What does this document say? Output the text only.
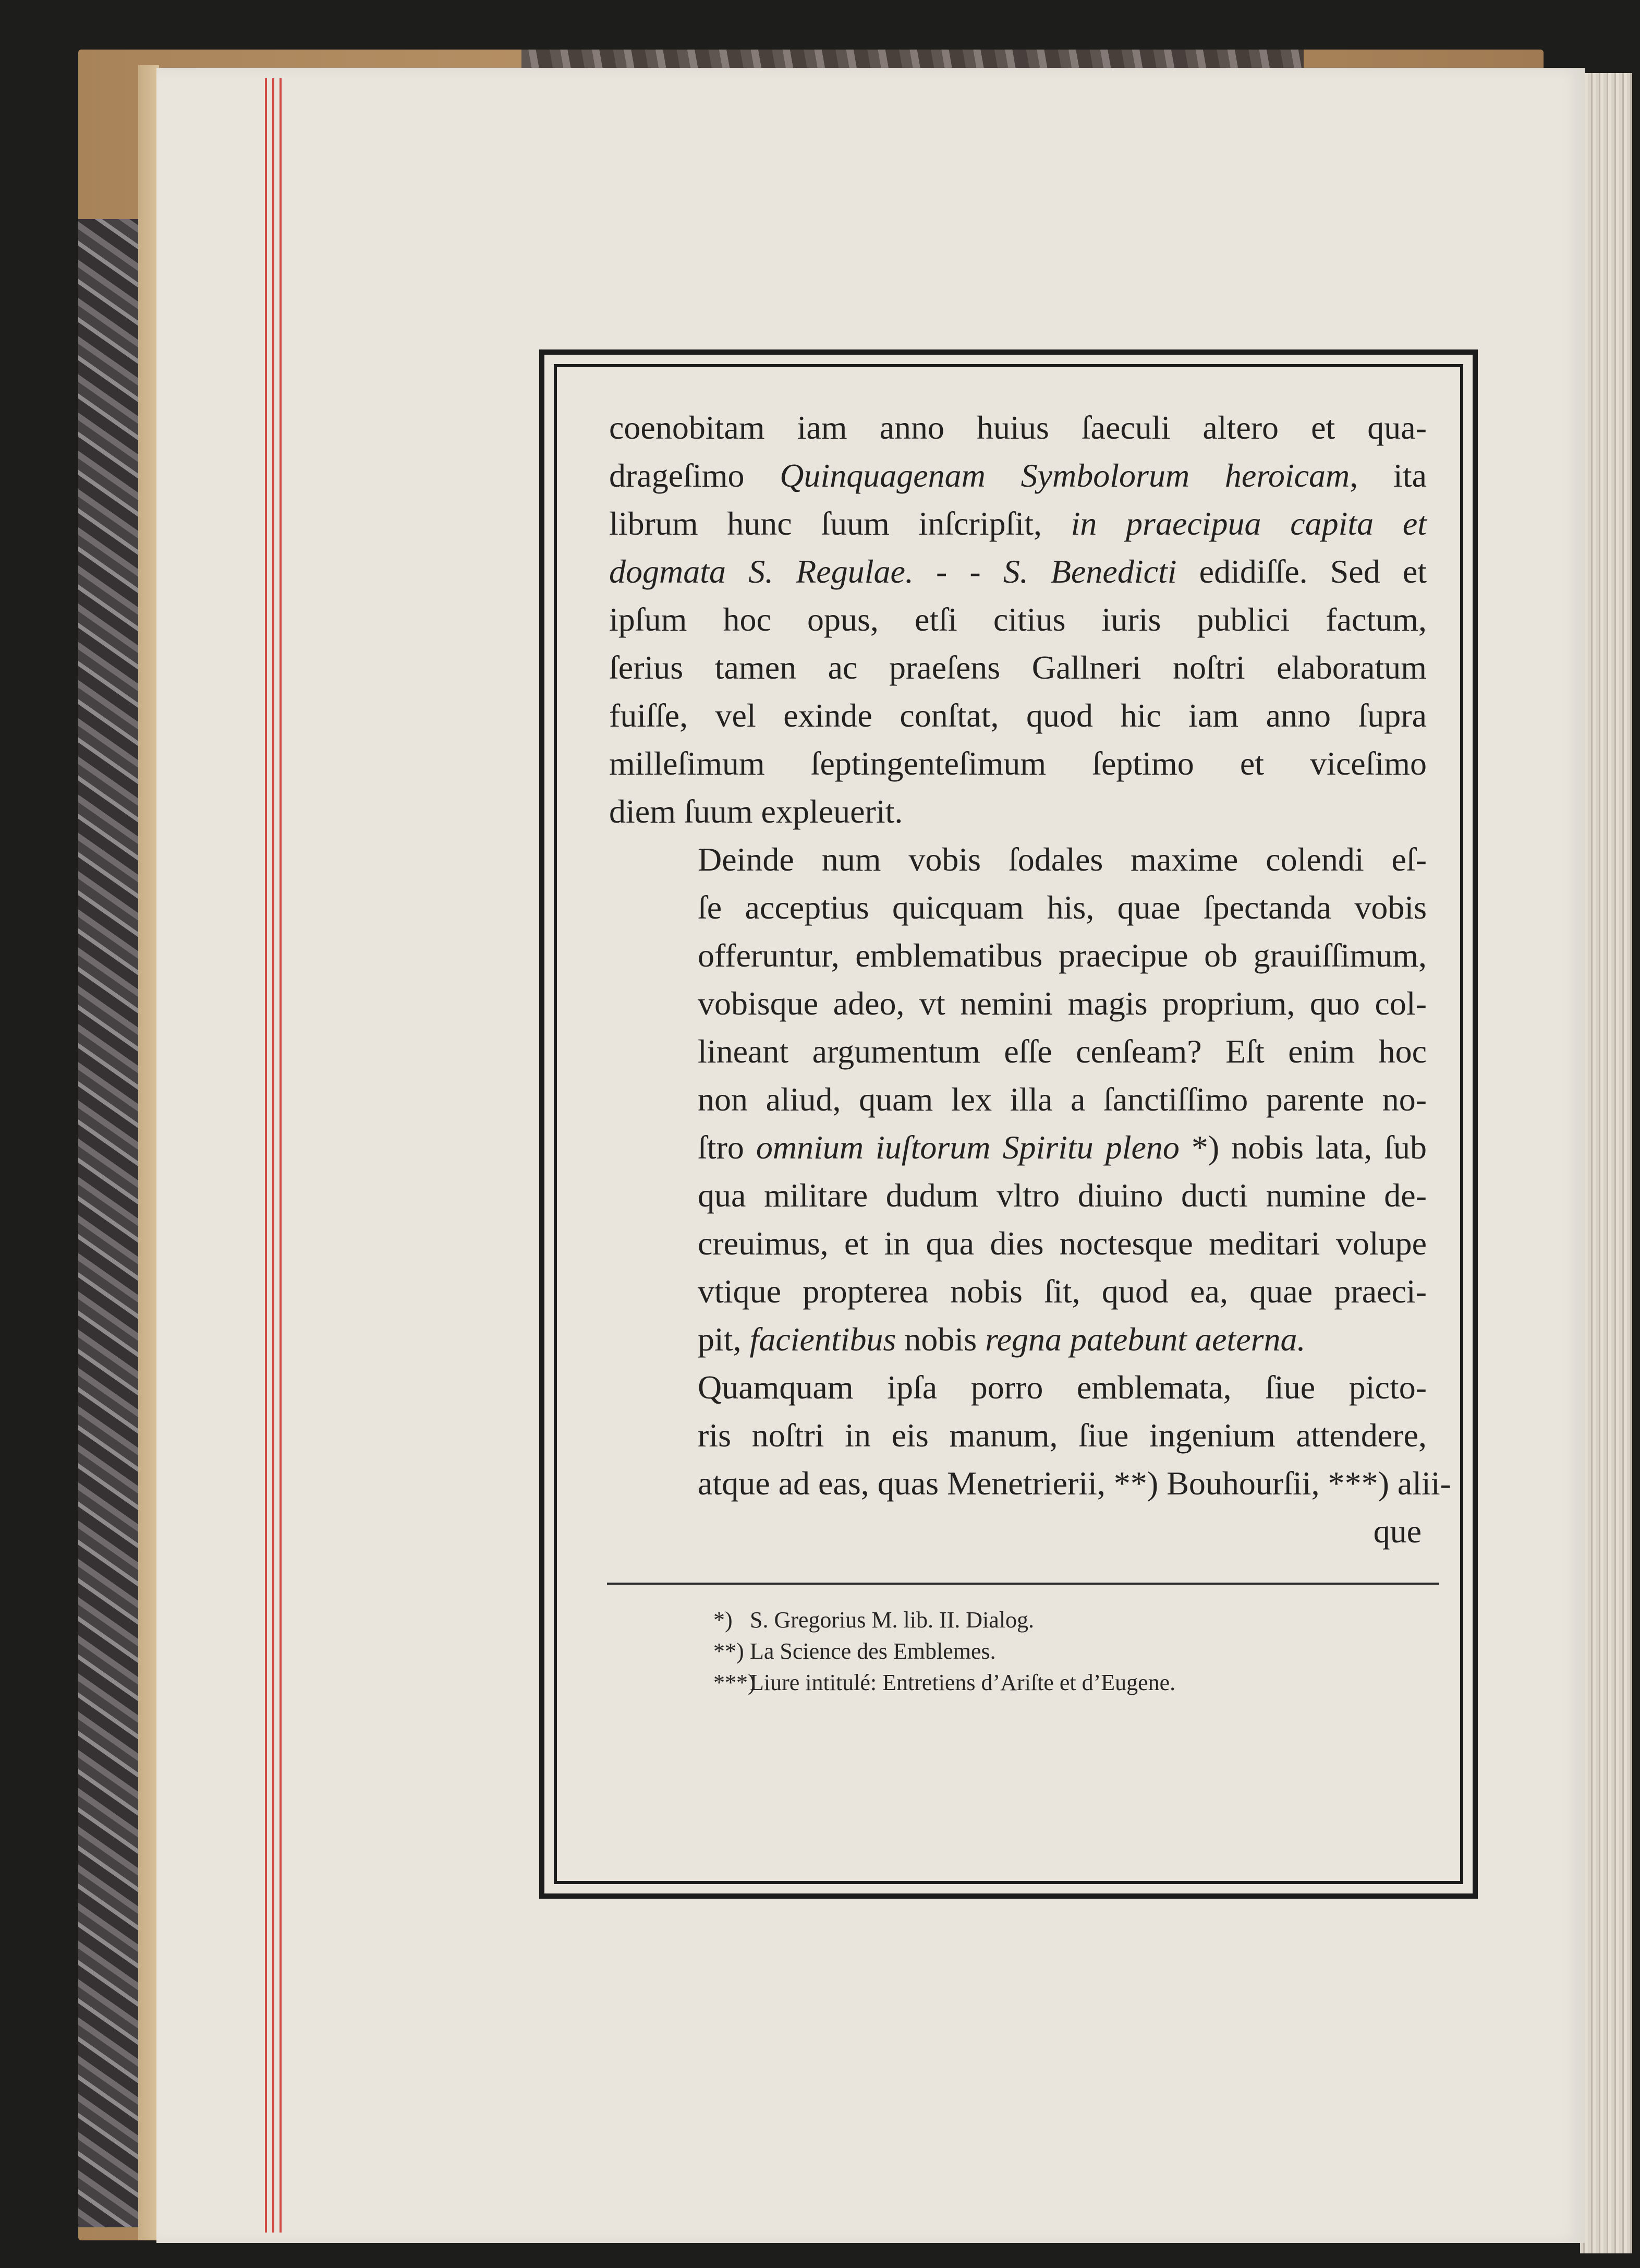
coenobitam iam anno huius ſaeculi altero et qua-
drageſimo Quinquagenam Symbolorum heroicam, ita
librum hunc ſuum inſcripſit, in praecipua capita et
dogmata S. Regulae. - - S. Benedicti edidiſſe. Sed et
ipſum hoc opus, etſi citius iuris publici factum,
ſerius tamen ac praeſens Gallneri noſtri elaboratum
fuiſſe, vel exinde conſtat, quod hic iam anno ſupra
milleſimum ſeptingenteſimum ſeptimo et viceſimo
diem ſuum expleuerit.
Deinde num vobis ſodales maxime colendi eſ-
ſe acceptius quicquam his, quae ſpectanda vobis
offeruntur, emblematibus praecipue ob grauiſſimum,
vobisque adeo, vt nemini magis proprium, quo col-
lineant argumentum eſſe cenſeam? Eſt enim hoc
non aliud, quam lex illa a ſanctiſſimo parente no-
ſtro omnium iuſtorum Spiritu pleno *) nobis lata, ſub
qua militare dudum vltro diuino ducti numine de-
creuimus, et in qua dies noctesque meditari volupe
vtique propterea nobis ſit, quod ea, quae praeci-
pit, facientibus nobis regna patebunt aeterna.
Quamquam ipſa porro emblemata, ſiue picto-
ris noſtri in eis manum, ſiue ingenium attendere,
atque ad eas, quas Menetrierii, **) Bouhourſii, ***) alii-
que
*) S. Gregorius M. lib. II. Dialog.
**) La Science des Emblemes.
***)Liure intitulé: Entretiens d’Ariſte et d’Eugene.
